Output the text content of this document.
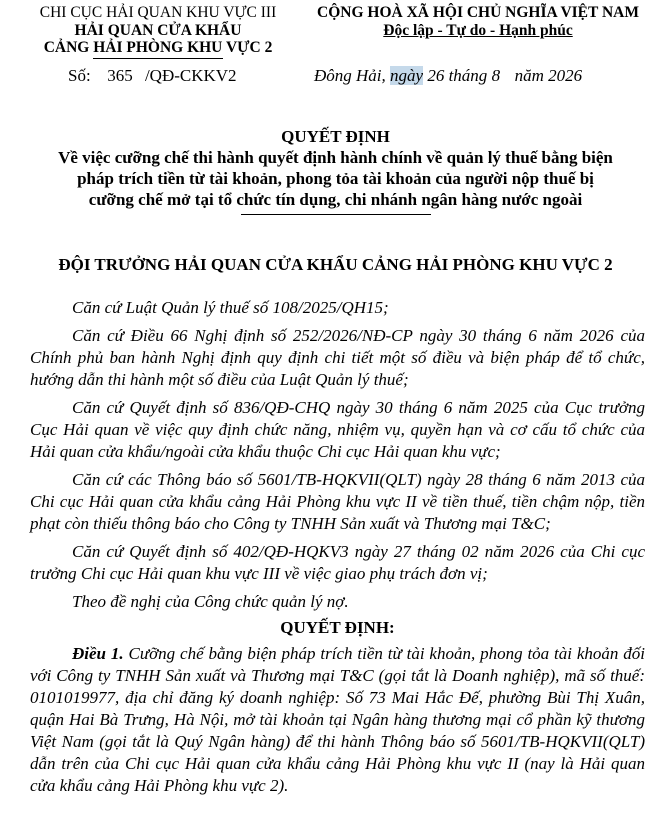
CHI CỤC HẢI QUAN KHU VỰC III
HẢI QUAN CỬA KHẨU
CẢNG HẢI PHÒNG KHU VỰC 2
CỘNG HOÀ XÃ HỘI CHỦ NGHĨA VIỆT NAM
Độc lập - Tự do - Hạnh phúc
Số: 365 /QĐ-CKKV2	Đông Hải, ngày 26 tháng 8 năm 2026
QUYẾT ĐỊNH
Về việc cưỡng chế thi hành quyết định hành chính về quản lý thuế bằng biện
pháp trích tiền từ tài khoản, phong tỏa tài khoản của người nộp thuế bị
cưỡng chế mở tại tổ chức tín dụng, chi nhánh ngân hàng nước ngoài
ĐỘI TRƯỞNG HẢI QUAN CỬA KHẨU CẢNG HẢI PHÒNG KHU VỰC 2

Căn cứ Luật Quản lý thuế số 108/2025/QH15;

Căn cứ Điều 66 Nghị định số 252/2026/NĐ-CP ngày 30 tháng 6 năm 2026 của Chính phủ ban hành Nghị định quy định chi tiết một số điều và biện pháp để tổ chức, hướng dẫn thi hành một số điều của Luật Quản lý thuế;

Căn cứ Quyết định số 836/QĐ-CHQ ngày 30 tháng 6 năm 2025 của Cục trưởng Cục Hải quan về việc quy định chức năng, nhiệm vụ, quyền hạn và cơ cấu tổ chức của Hải quan cửa khẩu/ngoài cửa khẩu thuộc Chi cục Hải quan khu vực;

Căn cứ các Thông báo số 5601/TB-HQKVII(QLT) ngày 28 tháng 6 năm 2013 của Chi cục Hải quan cửa khẩu cảng Hải Phòng khu vực II về tiền thuế, tiền chậm nộp, tiền phạt còn thiếu thông báo cho Công ty TNHH Sản xuất và Thương mại T&C;

Căn cứ Quyết định số 402/QĐ-HQKV3 ngày 27 tháng 02 năm 2026 của Chi cục trưởng Chi cục Hải quan khu vực III về việc giao phụ trách đơn vị;

Theo đề nghị của Công chức quản lý nợ.

QUYẾT ĐỊNH:

Điều 1. Cưỡng chế bằng biện pháp trích tiền từ tài khoản, phong tỏa tài khoản đối với Công ty TNHH Sản xuất và Thương mại T&C (gọi tắt là Doanh nghiệp), mã số thuế: 0101019977, địa chỉ đăng ký doanh nghiệp: Số 73 Mai Hắc Đế, phường Bùi Thị Xuân, quận Hai Bà Trưng, Hà Nội, mở tài khoản tại Ngân hàng thương mại cổ phần kỹ thương Việt Nam (gọi tắt là Quý Ngân hàng) để thi hành Thông báo số 5601/TB-HQKVII(QLT) dẫn trên của Chi cục Hải quan cửa khẩu cảng Hải Phòng khu vực II (nay là Hải quan cửa khẩu cảng Hải Phòng khu vực 2).
